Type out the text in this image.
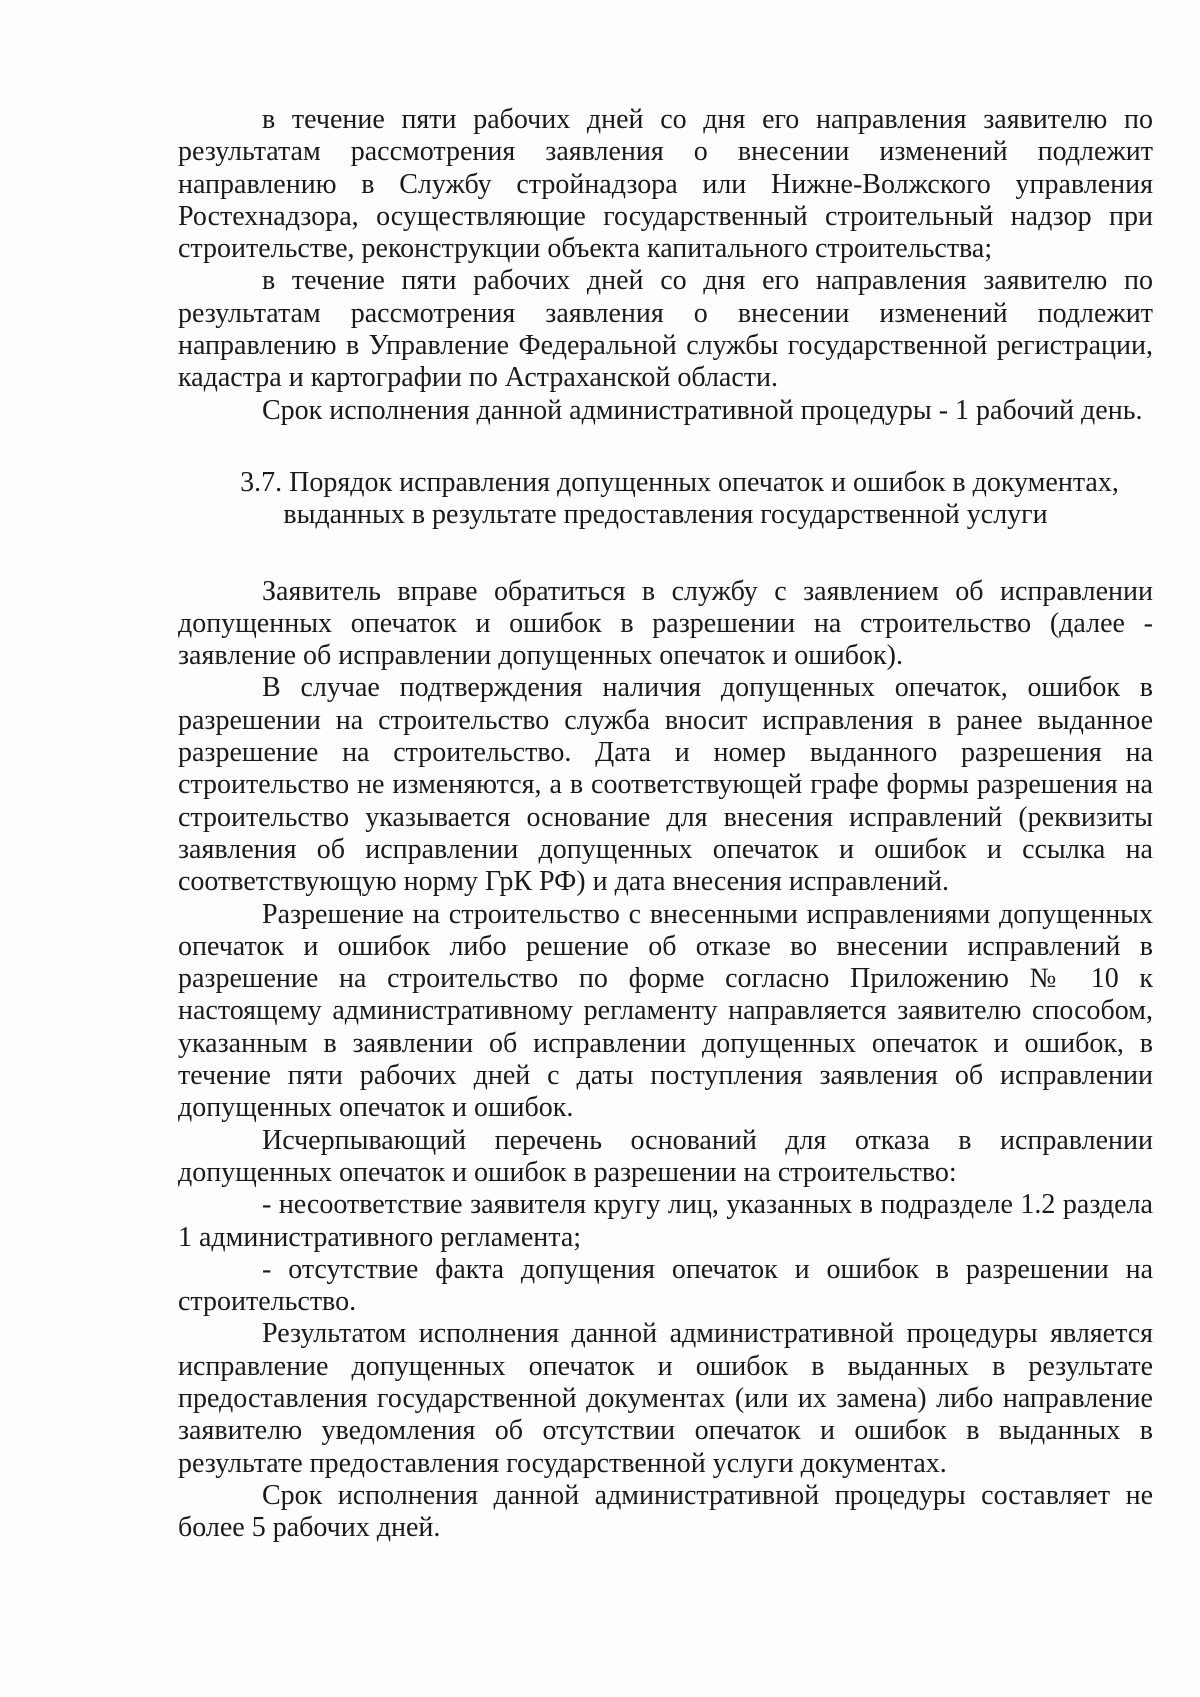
в течение пяти рабочих дней со дня его направления заявителю по результатам рассмотрения заявления о внесении изменений подлежит направлению в Службу стройнадзора или Нижне-Волжского управления Ростехнадзора, осуществляющие государственный строительный надзор при строительстве, реконструкции объекта капитального строительства;

в течение пяти рабочих дней со дня его направления заявителю по результатам рассмотрения заявления о внесении изменений подлежит направлению в Управление Федеральной службы государственной регистрации, кадастра и картографии по Астраханской области.

Срок исполнения данной административной процедуры - 1 рабочий день.

3.7. Порядок исправления допущенных опечаток и ошибок в документах,
выданных в результате предоставления государственной услуги

Заявитель вправе обратиться в службу с заявлением об исправлении допущенных опечаток и ошибок в разрешении на строительство (далее - заявление об исправлении допущенных опечаток и ошибок).

В случае подтверждения наличия допущенных опечаток, ошибок в разрешении на строительство служба вносит исправления в ранее выданное разрешение на строительство. Дата и номер выданного разрешения на строительство не изменяются, а в соответствующей графе формы разрешения на строительство указывается основание для внесения исправлений (реквизиты заявления об исправлении допущенных опечаток и ошибок и ссылка на соответствующую норму ГрК РФ) и дата внесения исправлений.

Разрешение на строительство с внесенными исправлениями допущенных опечаток и ошибок либо решение об отказе во внесении исправлений в разрешение на строительство по форме согласно Приложению № 10 к настоящему административному регламенту направляется заявителю способом, указанным в заявлении об исправлении допущенных опечаток и ошибок, в течение пяти рабочих дней с даты поступления заявления об исправлении допущенных опечаток и ошибок.

Исчерпывающий перечень оснований для отказа в исправлении допущенных опечаток и ошибок в разрешении на строительство:

- несоответствие заявителя кругу лиц, указанных в подразделе 1.2 раздела 1 административного регламента;

- отсутствие факта допущения опечаток и ошибок в разрешении на строительство.

Результатом исполнения данной административной процедуры является исправление допущенных опечаток и ошибок в выданных в результате предоставления государственной документах (или их замена) либо направление заявителю уведомления об отсутствии опечаток и ошибок в выданных в результате предоставления государственной услуги документах.

Срок исполнения данной административной процедуры составляет не более 5 рабочих дней.
